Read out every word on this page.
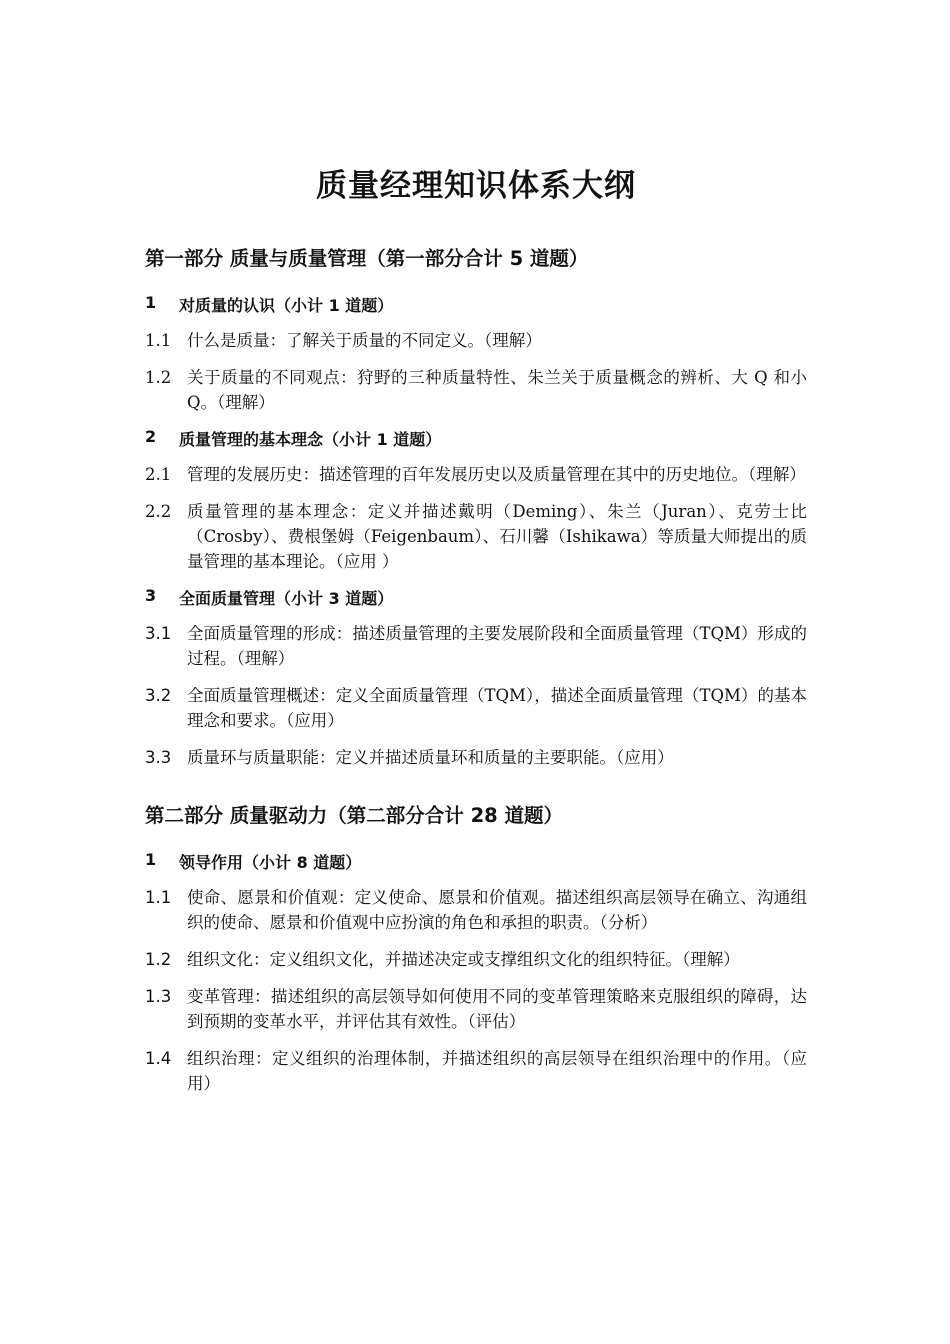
质量经理知识体系大纲
第一部分 质量与质量管理（第一部分合计 5 道题）
1	对质量的认识（小计 1 道题）
1.1 什么是质量：了解关于质量的不同定义。（理解）
1.2 关于质量的不同观点：狩野的三种质量特性、朱兰关于质量概念的辨析、大 Q 和小 Q。（理解）
2	质量管理的基本理念（小计 1 道题）
2.1 管理的发展历史：描述管理的百年发展历史以及质量管理在其中的历史地位。（理解）
2.2 质量管理的基本理念：定义并描述戴明（Deming）、朱兰（Juran）、克劳士比（Crosby）、费根堡姆（Feigenbaum）、石川馨（Ishikawa）等质量大师提出的质量管理的基本理论。（应用 ）
3	全面质量管理（小计 3 道题）
3.1 全面质量管理的形成：描述质量管理的主要发展阶段和全面质量管理（TQM）形成的过程。（理解）
3.2 全面质量管理概述：定义全面质量管理（TQM），描述全面质量管理（TQM）的基本理念和要求。（应用）
3.3 质量环与质量职能：定义并描述质量环和质量的主要职能。（应用）
第二部分 质量驱动力（第二部分合计 28 道题）
1	领导作用（小计 8 道题）
1.1 使命、愿景和价值观：定义使命、愿景和价值观。描述组织高层领导在确立、沟通组织的使命、愿景和价值观中应扮演的角色和承担的职责。（分析）
1.2 组织文化：定义组织文化，并描述决定或支撑组织文化的组织特征。（理解）
1.3 变革管理：描述组织的高层领导如何使用不同的变革管理策略来克服组织的障碍，达到预期的变革水平，并评估其有效性。（评估）
1.4 组织治理：定义组织的治理体制，并描述组织的高层领导在组织治理中的作用。（应用）
